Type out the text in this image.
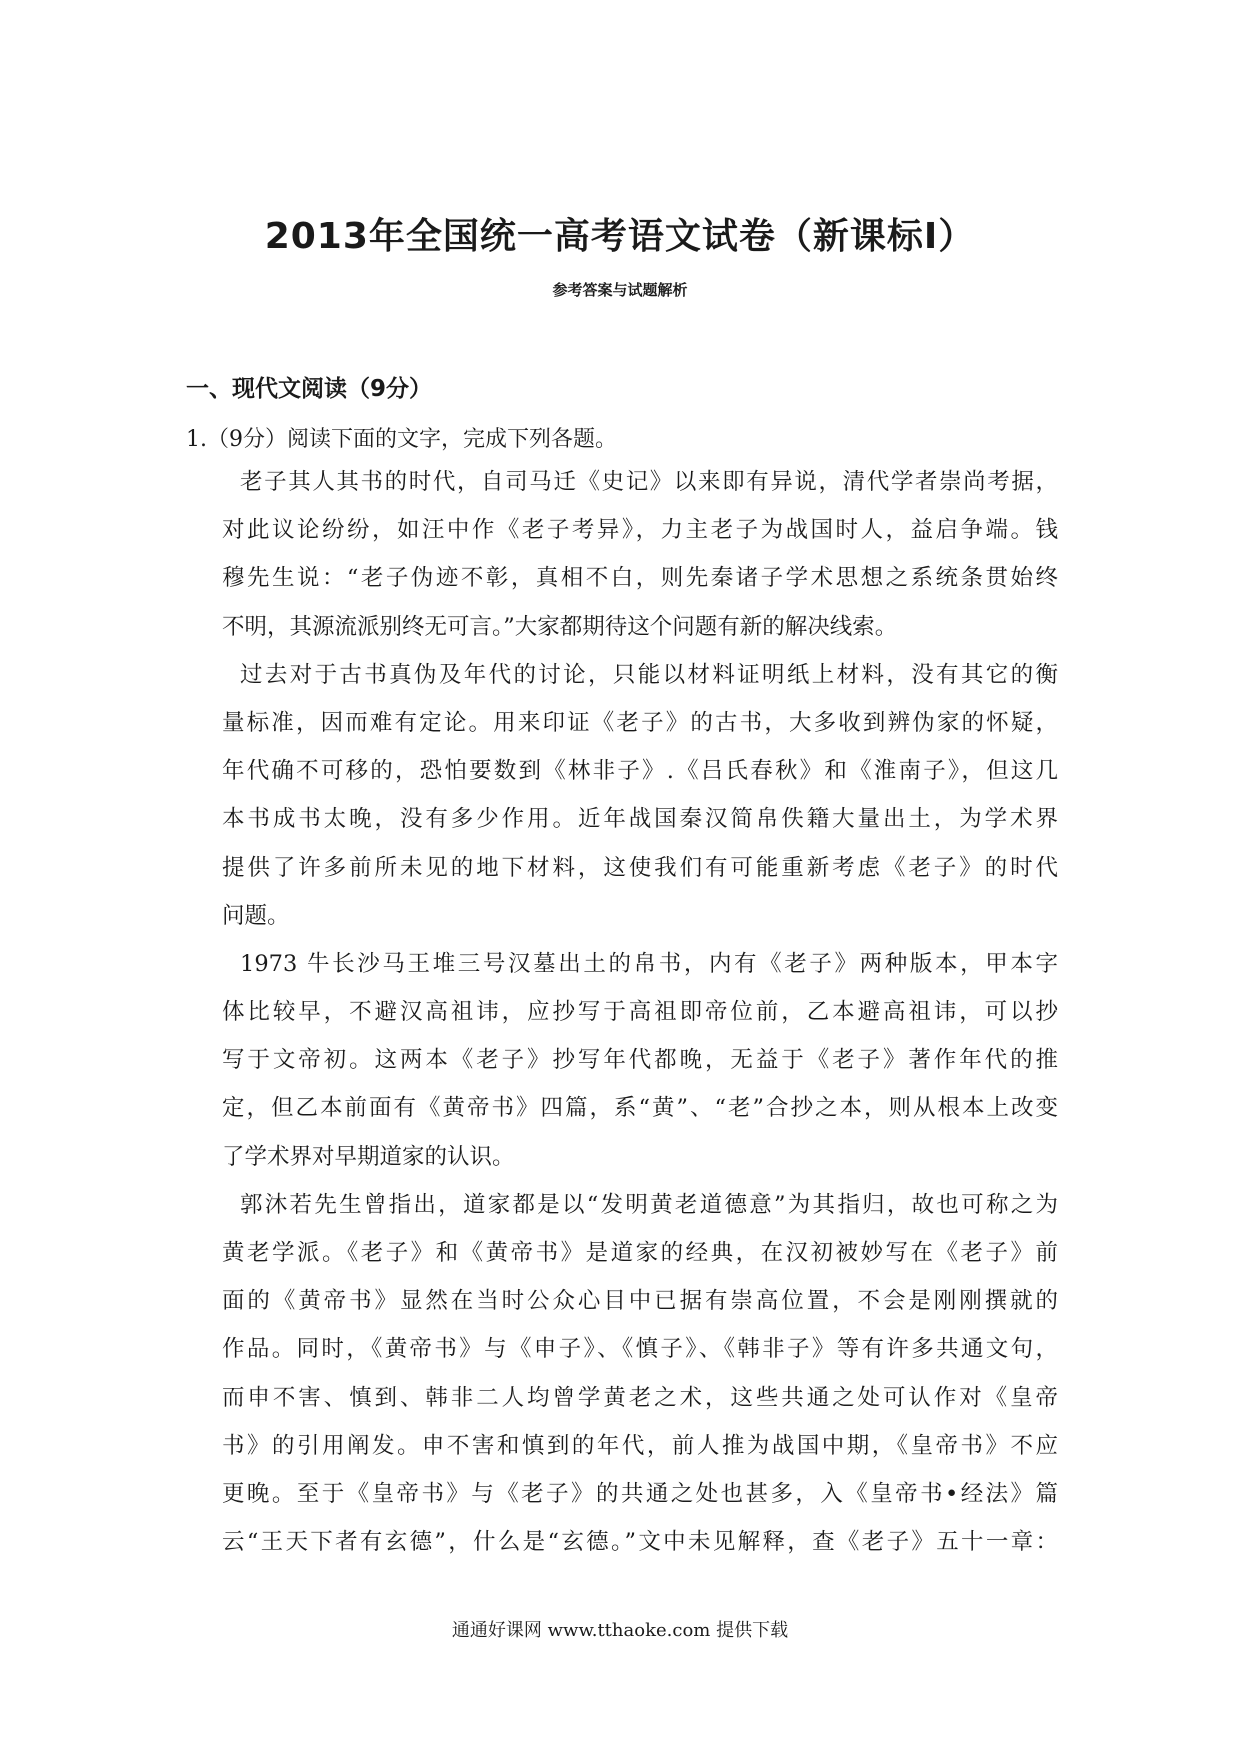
2013年全国统一高考语文试卷（新课标Ⅰ）

参考答案与试题解析

一、现代文阅读（9分）

1.（9分）阅读下面的文字，完成下列各题。

老子其人其书的时代，自司马迁《史记》以来即有异说，清代学者崇尚考据，
对此议论纷纷，如汪中作《老子考异》，力主老子为战国时人，益启争端。钱
穆先生说：“老子伪迹不彰，真相不白，则先秦诸子学术思想之系统条贯始终
不明，其源流派别终无可言。”大家都期待这个问题有新的解决线索。
过去对于古书真伪及年代的讨论，只能以材料证明纸上材料，没有其它的衡
量标准，因而难有定论。用来印证《老子》的古书，大多收到辨伪家的怀疑，
年代确不可移的，恐怕要数到《林非子》.《吕氏春秋》和《淮南子》，但这几
本书成书太晚，没有多少作用。近年战国秦汉简帛佚籍大量出土，为学术界
提供了许多前所未见的地下材料，这使我们有可能重新考虑《老子》的时代
问题。
1973 牛长沙马王堆三号汉墓出土的帛书，内有《老子》两种版本，甲本字
体比较早，不避汉高祖讳，应抄写于高祖即帝位前，乙本避高祖讳，可以抄
写于文帝初。这两本《老子》抄写年代都晚，无益于《老子》著作年代的推
定，但乙本前面有《黄帝书》四篇，系“黄”、“老”合抄之本，则从根本上改变
了学术界对早期道家的认识。
郭沐若先生曾指出，道家都是以“发明黄老道德意”为其指归，故也可称之为
黄老学派。《老子》和《黄帝书》是道家的经典，在汉初被妙写在《老子》前
面的《黄帝书》显然在当时公众心目中已据有崇高位置，不会是刚刚撰就的
作品。同时，《黄帝书》与《申子》、《慎子》、《韩非子》等有许多共通文句，
而申不害、慎到、韩非二人均曾学黄老之术，这些共通之处可认作对《皇帝
书》的引用阐发。申不害和慎到的年代，前人推为战国中期，《皇帝书》不应
更晚。至于《皇帝书》与《老子》的共通之处也甚多，入《皇帝书•经法》篇
云“王天下者有玄德”，什么是“玄德。”文中未见解释，查《老子》五十一章：

通通好课网 www.tthaoke.com 提供下载
